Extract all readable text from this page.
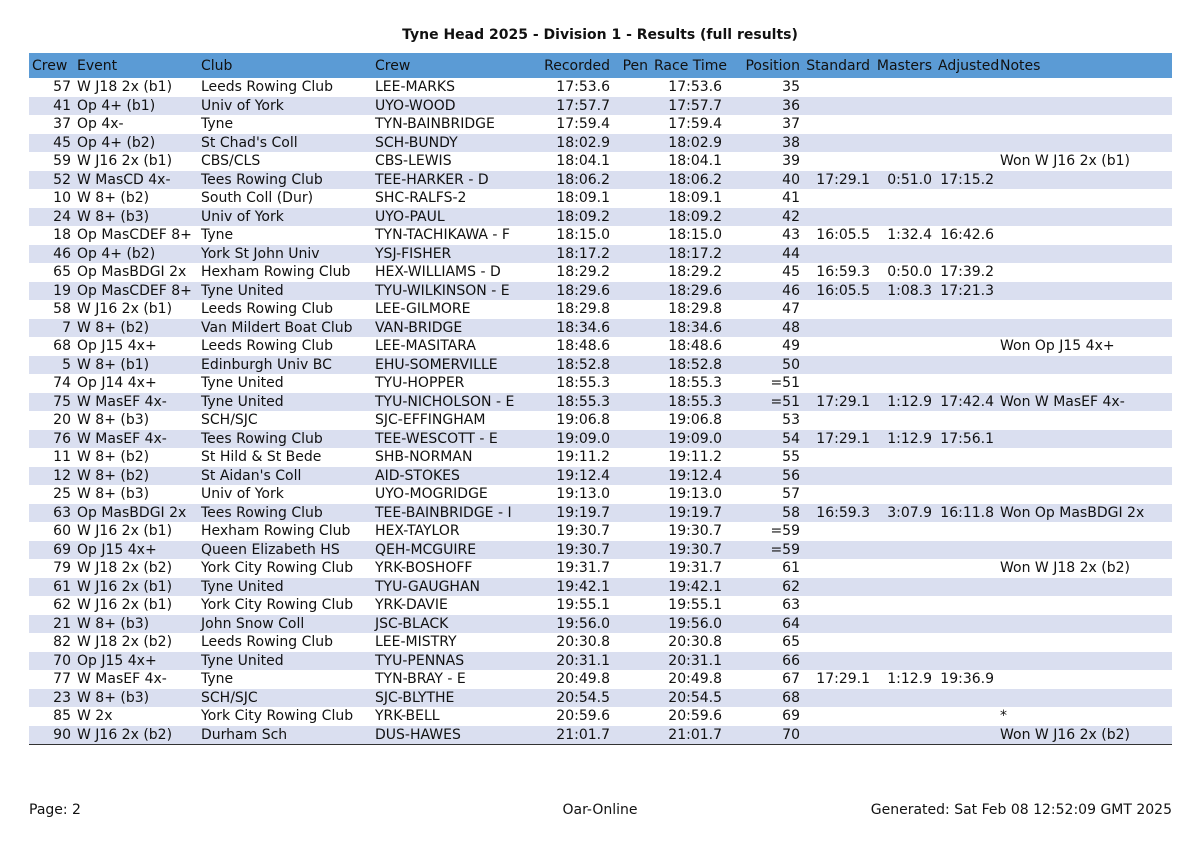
Tyne Head 2025 - Division 1 - Results (full results)
Crew	Event	Club	Crew	Recorded	Pen	Race Time	Position	Standard	Masters	Adjusted	Notes
57	W J18 2x (b1)	Leeds Rowing Club	LEE-MARKS	17:53.6		17:53.6	35				
41	Op 4+ (b1)	Univ of York	UYO-WOOD	17:57.7		17:57.7	36				
37	Op 4x-	Tyne	TYN-BAINBRIDGE	17:59.4		17:59.4	37				
45	Op 4+ (b2)	St Chad's Coll	SCH-BUNDY	18:02.9		18:02.9	38				
59	W J16 2x (b1)	CBS/CLS	CBS-LEWIS	18:04.1		18:04.1	39				Won W J16 2x (b1)
52	W MasCD 4x-	Tees Rowing Club	TEE-HARKER - D	18:06.2		18:06.2	40	17:29.1	0:51.0	17:15.2	
10	W 8+ (b2)	South Coll (Dur)	SHC-RALFS-2	18:09.1		18:09.1	41				
24	W 8+ (b3)	Univ of York	UYO-PAUL	18:09.2		18:09.2	42				
18	Op MasCDEF 8+	Tyne	TYN-TACHIKAWA - F	18:15.0		18:15.0	43	16:05.5	1:32.4	16:42.6	
46	Op 4+ (b2)	York St John Univ	YSJ-FISHER	18:17.2		18:17.2	44				
65	Op MasBDGI 2x	Hexham Rowing Club	HEX-WILLIAMS - D	18:29.2		18:29.2	45	16:59.3	0:50.0	17:39.2	
19	Op MasCDEF 8+	Tyne United	TYU-WILKINSON - E	18:29.6		18:29.6	46	16:05.5	1:08.3	17:21.3	
58	W J16 2x (b1)	Leeds Rowing Club	LEE-GILMORE	18:29.8		18:29.8	47				
7	W 8+ (b2)	Van Mildert Boat Club	VAN-BRIDGE	18:34.6		18:34.6	48				
68	Op J15 4x+	Leeds Rowing Club	LEE-MASITARA	18:48.6		18:48.6	49				Won Op J15 4x+
5	W 8+ (b1)	Edinburgh Univ BC	EHU-SOMERVILLE	18:52.8		18:52.8	50				
74	Op J14 4x+	Tyne United	TYU-HOPPER	18:55.3		18:55.3	=51				
75	W MasEF 4x-	Tyne United	TYU-NICHOLSON - E	18:55.3		18:55.3	=51	17:29.1	1:12.9	17:42.4	Won W MasEF 4x-
20	W 8+ (b3)	SCH/SJC	SJC-EFFINGHAM	19:06.8		19:06.8	53				
76	W MasEF 4x-	Tees Rowing Club	TEE-WESCOTT - E	19:09.0		19:09.0	54	17:29.1	1:12.9	17:56.1	
11	W 8+ (b2)	St Hild & St Bede	SHB-NORMAN	19:11.2		19:11.2	55				
12	W 8+ (b2)	St Aidan's Coll	AID-STOKES	19:12.4		19:12.4	56				
25	W 8+ (b3)	Univ of York	UYO-MOGRIDGE	19:13.0		19:13.0	57				
63	Op MasBDGI 2x	Tees Rowing Club	TEE-BAINBRIDGE - I	19:19.7		19:19.7	58	16:59.3	3:07.9	16:11.8	Won Op MasBDGI 2x
60	W J16 2x (b1)	Hexham Rowing Club	HEX-TAYLOR	19:30.7		19:30.7	=59				
69	Op J15 4x+	Queen Elizabeth HS	QEH-MCGUIRE	19:30.7		19:30.7	=59				
79	W J18 2x (b2)	York City Rowing Club	YRK-BOSHOFF	19:31.7		19:31.7	61				Won W J18 2x (b2)
61	W J16 2x (b1)	Tyne United	TYU-GAUGHAN	19:42.1		19:42.1	62				
62	W J16 2x (b1)	York City Rowing Club	YRK-DAVIE	19:55.1		19:55.1	63				
21	W 8+ (b3)	John Snow Coll	JSC-BLACK	19:56.0		19:56.0	64				
82	W J18 2x (b2)	Leeds Rowing Club	LEE-MISTRY	20:30.8		20:30.8	65				
70	Op J15 4x+	Tyne United	TYU-PENNAS	20:31.1		20:31.1	66				
77	W MasEF 4x-	Tyne	TYN-BRAY - E	20:49.8		20:49.8	67	17:29.1	1:12.9	19:36.9	
23	W 8+ (b3)	SCH/SJC	SJC-BLYTHE	20:54.5		20:54.5	68				
85	W 2x	York City Rowing Club	YRK-BELL	20:59.6		20:59.6	69				*
90	W J16 2x (b2)	Durham Sch	DUS-HAWES	21:01.7		21:01.7	70				Won W J16 2x (b2)
Page: 2	Oar-Online	Generated: Sat Feb 08 12:52:09 GMT 2025
